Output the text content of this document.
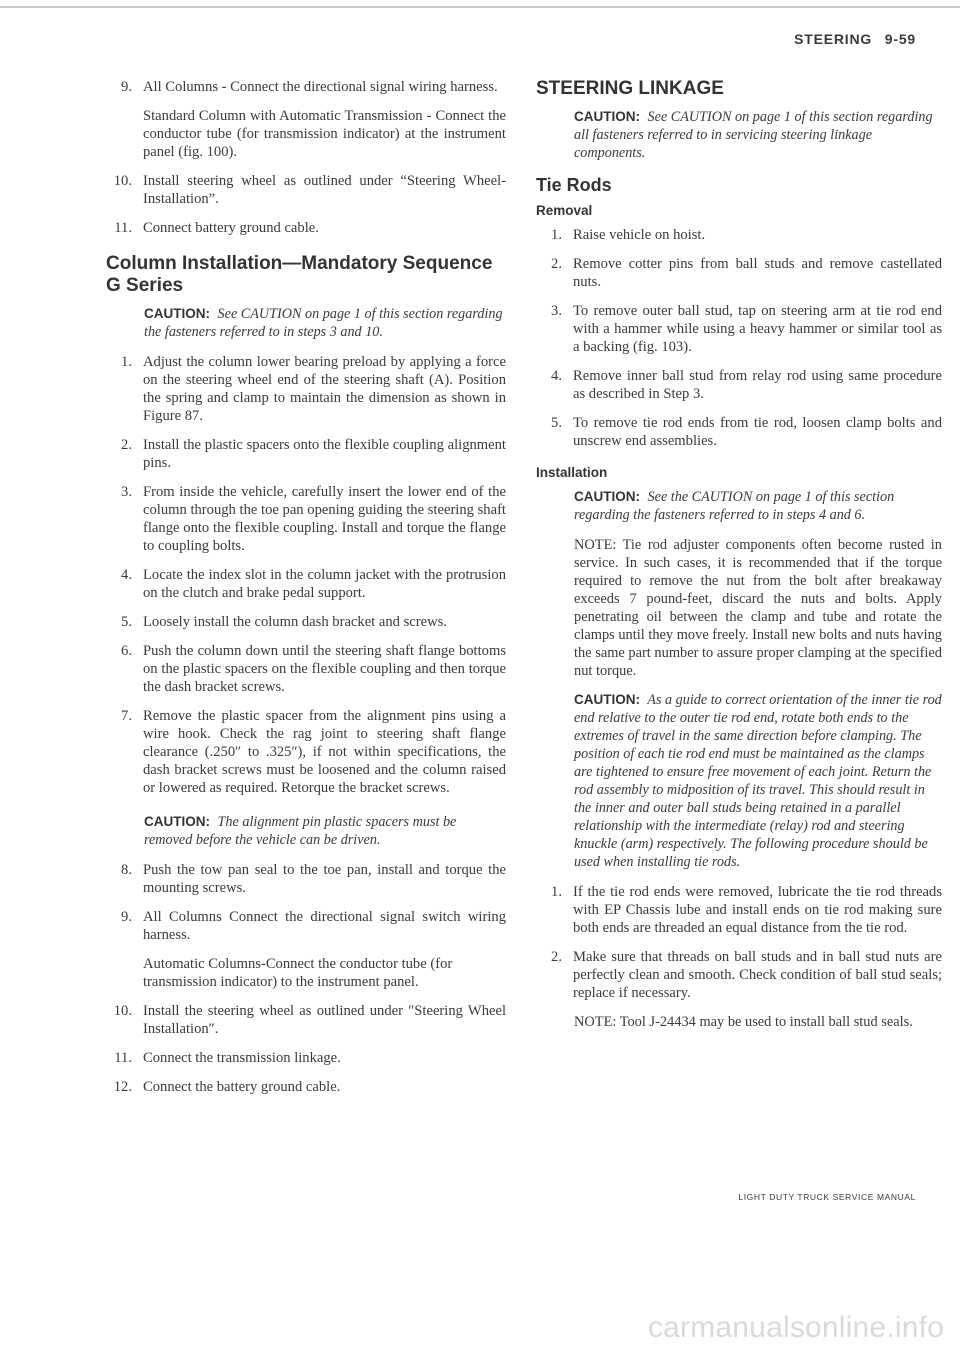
STEERING 9-59
9. All Columns - Connect the directional signal wiring harness.
Standard Column with Automatic Transmission - Connect the conductor tube (for transmission indicator) at the instrument panel (fig. 100).
10. Install steering wheel as outlined under “Steering Wheel-Installation”.
11. Connect battery ground cable.
Column Installation—Mandatory Sequence G Series
CAUTION: See CAUTION on page 1 of this section regarding the fasteners referred to in steps 3 and 10.
1. Adjust the column lower bearing preload by applying a force on the steering wheel end of the steering shaft (A). Position the spring and clamp to maintain the dimension as shown in Figure 87.
2. Install the plastic spacers onto the flexible coupling alignment pins.
3. From inside the vehicle, carefully insert the lower end of the column through the toe pan opening guiding the steering shaft flange onto the flexible coupling. Install and torque the flange to coupling bolts.
4. Locate the index slot in the column jacket with the protrusion on the clutch and brake pedal support.
5. Loosely install the column dash bracket and screws.
6. Push the column down until the steering shaft flange bottoms on the plastic spacers on the flexible coupling and then torque the dash bracket screws.
7. Remove the plastic spacer from the alignment pins using a wire hook. Check the rag joint to steering shaft flange clearance (.250″ to .325″), if not within specifications, the dash bracket screws must be loosened and the column raised or lowered as required. Retorque the bracket screws.
CAUTION: The alignment pin plastic spacers must be removed before the vehicle can be driven.
8. Push the tow pan seal to the toe pan, install and torque the mounting screws.
9. All Columns Connect the directional signal switch wiring harness.
Automatic Columns-Connect the conductor tube (for transmission indicator) to the instrument panel.
10. Install the steering wheel as outlined under ″Steering Wheel Installation″.
11. Connect the transmission linkage.
12. Connect the battery ground cable.
STEERING LINKAGE
CAUTION: See CAUTION on page 1 of this section regarding all fasteners referred to in servicing steering linkage components.
Tie Rods
Removal
1. Raise vehicle on hoist.
2. Remove cotter pins from ball studs and remove castellated nuts.
3. To remove outer ball stud, tap on steering arm at tie rod end with a hammer while using a heavy hammer or similar tool as a backing (fig. 103).
4. Remove inner ball stud from relay rod using same procedure as described in Step 3.
5. To remove tie rod ends from tie rod, loosen clamp bolts and unscrew end assemblies.
Installation
CAUTION: See the CAUTION on page 1 of this section regarding the fasteners referred to in steps 4 and 6.
NOTE: Tie rod adjuster components often become rusted in service. In such cases, it is recommended that if the torque required to remove the nut from the bolt after breakaway exceeds 7 pound-feet, discard the nuts and bolts. Apply penetrating oil between the clamp and tube and rotate the clamps until they move freely. Install new bolts and nuts having the same part number to assure proper clamping at the specified nut torque.
CAUTION: As a guide to correct orientation of the inner tie rod end relative to the outer tie rod end, rotate both ends to the extremes of travel in the same direction before clamping. The position of each tie rod end must be maintained as the clamps are tightened to ensure free movement of each joint. Return the rod assembly to midposition of its travel. This should result in the inner and outer ball studs being retained in a parallel relationship with the intermediate (relay) rod and steering knuckle (arm) respectively. The following procedure should be used when installing tie rods.
1. If the tie rod ends were removed, lubricate the tie rod threads with EP Chassis lube and install ends on tie rod making sure both ends are threaded an equal distance from the tie rod.
2. Make sure that threads on ball studs and in ball stud nuts are perfectly clean and smooth. Check condition of ball stud seals; replace if necessary.
NOTE: Tool J-24434 may be used to install ball stud seals.
LIGHT DUTY TRUCK SERVICE MANUAL
carmanualsonline.info
